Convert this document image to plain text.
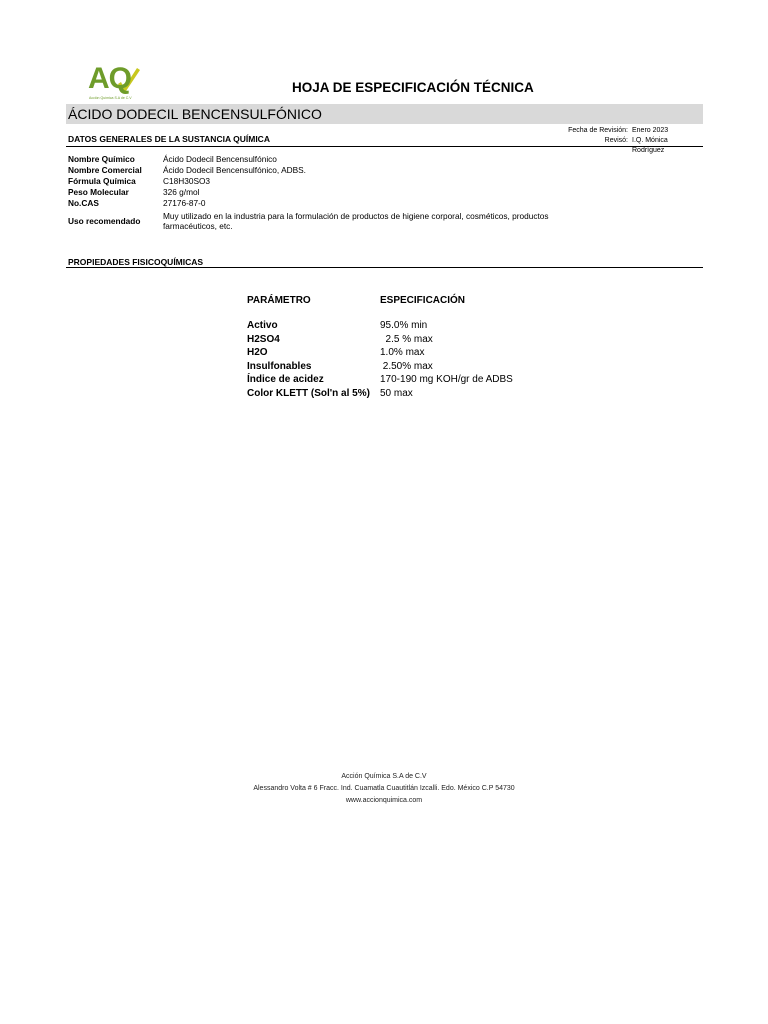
AQ
Acción Química S.A de C.V
HOJA DE ESPECIFICACIÓN TÉCNICA
ÁCIDO DODECIL BENCENSULFÓNICO
Fecha de Revisión: Enero 2023
Revisó: I.Q. Mónica Rodríguez
DATOS GENERALES DE LA SUSTANCIA QUÍMICA
Nombre Químico	Ácido Dodecil Bencensulfónico
Nombre Comercial	Ácido Dodecil Bencensulfónico, ADBS.
Fórmula Química	C18H30SO3
Peso Molecular	326 g/mol
No.CAS	27176-87-0
Uso recomendado	Muy utilizado en la industria para la formulación de productos de higiene corporal, cosméticos, productos farmacéuticos, etc.
PROPIEDADES FISICOQUÍMICAS
PARÁMETRO	ESPECIFICACIÓN
Activo	95.0% min
H2SO4	2.5 % max
H2O	1.0% max
Insulfonables	2.50% max
Índice de acidez	170-190 mg KOH/gr de ADBS
Color KLETT (Sol'n al 5%)	50 max
Acción Química S.A de C.V
Alessandro Volta # 6 Fracc. Ind. Cuamatla Cuautitlán Izcalli. Edo. México C.P 54730
www.accionquimica.com
